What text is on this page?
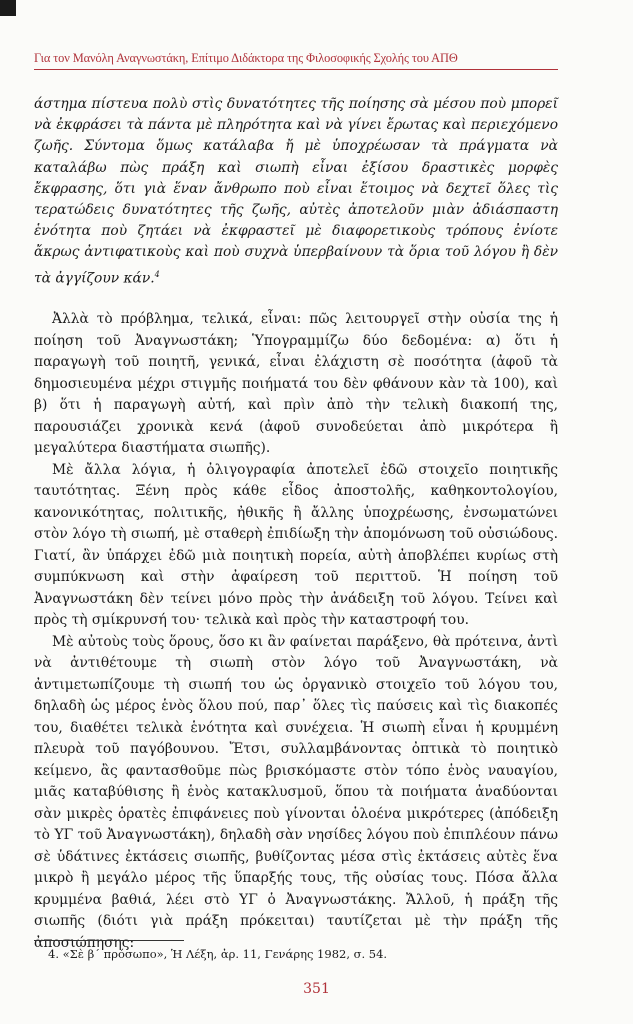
Για τον Μανόλη Αναγνωστάκη, Επίτιμο Διδάκτορα της Φιλοσοφικής Σχολής του ΑΠΘ
άστημα πίστευα πολὺ στὶς δυνατότητες τῆς ποίησης σὰ μέσου ποὺ μπορεῖ νὰ ἐκφράσει τὰ πάντα μὲ πληρότητα καὶ νὰ γίνει ἔρωτας καὶ περιεχόμενο ζωῆς. Σύντομα ὅμως κατάλαβα ἤ μὲ ὑποχρέωσαν τὰ πράγματα νὰ καταλάβω πὼς πράξη καὶ σιωπὴ εἶναι ἐξίσου δραστικὲς μορφὲς ἔκφρασης, ὅτι γιὰ ἕναν ἄνθρωπο ποὺ εἶναι ἕτοιμος νὰ δεχτεῖ ὅλες τὶς τερατώδεις δυνατότητες τῆς ζωῆς, αὐτὲς ἀποτελοῦν μιὰν ἀδιάσπαστη ἑνότητα ποὺ ζητάει νὰ ἐκφραστεῖ μὲ διαφορετικοὺς τρόπους ἐνίοτε ἄκρως ἀντιφατικοὺς καὶ ποὺ συχνὰ ὑπερβαίνουν τὰ ὅρια τοῦ λόγου ἢ δὲν τὰ ἀγγίζουν κάν.$^4$

Ἀλλὰ τὸ πρόβλημα, τελικά, εἶναι: πῶς λειτουργεῖ στὴν οὐσία της ἡ ποίηση τοῦ Ἀναγνωστάκη; Ὑπογραμμίζω δύο δεδομένα: α) ὅτι ἡ παραγωγὴ τοῦ ποιητῆ, γενικά, εἶναι ἐλάχιστη σὲ ποσότητα (ἀφοῦ τὰ δημοσιευμένα μέχρι στιγμῆς ποιήματά του δὲν φθάνουν κὰν τὰ 100), καὶ β) ὅτι ἡ παραγωγὴ αὐτή, καὶ πρὶν ἀπὸ τὴν τελικὴ διακοπή της, παρουσιάζει χρονικὰ κενά (ἀφοῦ συνοδεύεται ἀπὸ μικρότερα ἢ μεγαλύτερα διαστήματα σιωπῆς).

Μὲ ἄλλα λόγια, ἡ ὀλιγογραφία ἀποτελεῖ ἐδῶ στοιχεῖο ποιητικῆς ταυτότητας. Ξένη πρὸς κάθε εἶδος ἀποστολῆς, καθηκοντολογίου, κανονικότητας, πολιτικῆς, ἠθικῆς ἢ ἄλλης ὑποχρέωσης, ἐνσωματώνει στὸν λόγο τὴ σιωπή, μὲ σταθερὴ ἐπιδίωξη τὴν ἀπομόνωση τοῦ οὐσιώδους. Γιατί, ἂν ὑπάρχει ἐδῶ μιὰ ποιητικὴ πορεία, αὐτὴ ἀποβλέπει κυρίως στὴ συμπύκνωση καὶ στὴν ἀφαίρεση τοῦ περιττοῦ. Ἡ ποίηση τοῦ Ἀναγνωστάκη δὲν τείνει μόνο πρὸς τὴν ἀνάδειξη τοῦ λόγου. Τείνει καὶ πρὸς τὴ σμίκρυνσή του· τελικὰ καὶ πρὸς τὴν καταστροφή του.

Μὲ αὐτοὺς τοὺς ὅρους, ὅσο κι ἂν φαίνεται παράξενο, θὰ πρότεινα, ἀντὶ νὰ ἀντιθέτουμε τὴ σιωπὴ στὸν λόγο τοῦ Ἀναγνωστάκη, νὰ ἀντιμετωπίζουμε τὴ σιωπή του ὡς ὀργανικὸ στοιχεῖο τοῦ λόγου του, δηλαδὴ ὡς μέρος ἑνὸς ὅλου πού, παρ᾽ ὅλες τὶς παύσεις καὶ τὶς διακοπές του, διαθέτει τελικὰ ἑνότητα καὶ συνέχεια. Ἡ σιωπὴ εἶναι ἡ κρυμμένη πλευρὰ τοῦ παγόβουνου. Ἔτσι, συλλαμβάνοντας ὀπτικὰ τὸ ποιητικὸ κείμενο, ἂς φαντασθοῦμε πὼς βρισκόμαστε στὸν τόπο ἑνὸς ναυαγίου, μιᾶς καταβύθισης ἢ ἑνὸς κατακλυσμοῦ, ὅπου τὰ ποιήματα ἀναδύονται σὰν μικρὲς ὁρατὲς ἐπιφάνειες ποὺ γίνονται ὁλοένα μικρότερες (ἀπόδειξη τὸ ΥΓ τοῦ Ἀναγνωστάκη), δηλαδὴ σὰν νησίδες λόγου ποὺ ἐπιπλέουν πάνω σὲ ὑδάτινες ἐκτάσεις σιωπῆς, βυθίζοντας μέσα στὶς ἐκτάσεις αὐτὲς ἕνα μικρὸ ἢ μεγάλο μέρος τῆς ὕπαρξής τους, τῆς οὐσίας τους. Πόσα ἄλλα κρυμμένα βαθιά, λέει στὸ ΥΓ ὁ Ἀναγνωστάκης. Ἄλλοῦ, ἡ πράξη τῆς σιωπῆς (διότι γιὰ πράξη πρόκειται) ταυτίζεται μὲ τὴν πράξη τῆς ἀποσιώπησης:

4. «Σὲ β´ πρόσωπο», Ἡ Λέξη, ἀρ. 11, Γενάρης 1982, σ. 54.
351
